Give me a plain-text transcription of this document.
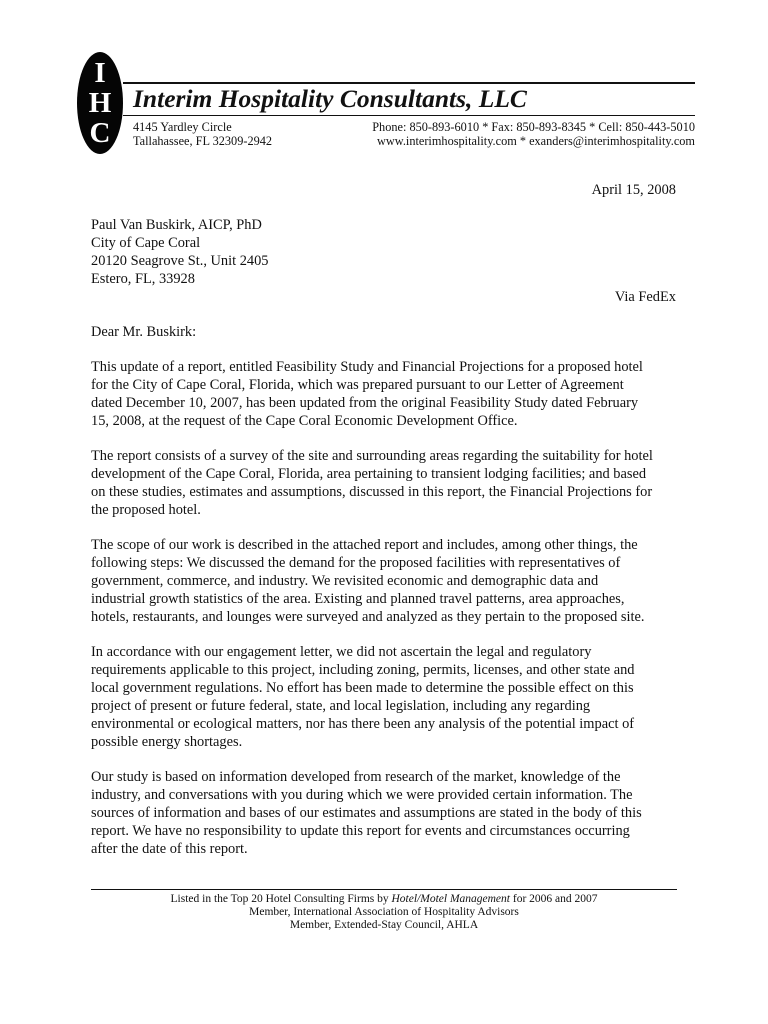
I
H
C
Interim Hospitality Consultants, LLC
4145 Yardley Circle
Tallahassee, FL 32309-2942
Phone: 850-893-6010 * Fax: 850-893-8345 * Cell: 850-443-5010
www.interimhospitality.com * exanders@interimhospitality.com
April 15, 2008
Paul Van Buskirk, AICP, PhD
City of Cape Coral
20120 Seagrove St., Unit 2405
Estero, FL, 33928
Via FedEx
Dear Mr. Buskirk:
This update of a report, entitled Feasibility Study and Financial Projections for a proposed hotel
for the City of Cape Coral, Florida, which was prepared pursuant to our Letter of Agreement
dated December 10, 2007, has been updated from the original Feasibility Study dated February
15, 2008, at the request of the Cape Coral Economic Development Office.
The report consists of a survey of the site and surrounding areas regarding the suitability for hotel
development of the Cape Coral, Florida, area pertaining to transient lodging facilities; and based
on these studies, estimates and assumptions, discussed in this report, the Financial Projections for
the proposed hotel.
The scope of our work is described in the attached report and includes, among other things, the
following steps: We discussed the demand for the proposed facilities with representatives of
government, commerce, and industry. We revisited economic and demographic data and
industrial growth statistics of the area. Existing and planned travel patterns, area approaches,
hotels, restaurants, and lounges were surveyed and analyzed as they pertain to the proposed site.
In accordance with our engagement letter, we did not ascertain the legal and regulatory
requirements applicable to this project, including zoning, permits, licenses, and other state and
local government regulations. No effort has been made to determine the possible effect on this
project of present or future federal, state, and local legislation, including any regarding
environmental or ecological matters, nor has there been any analysis of the potential impact of
possible energy shortages.
Our study is based on information developed from research of the market, knowledge of the
industry, and conversations with you during which we were provided certain information. The
sources of information and bases of our estimates and assumptions are stated in the body of this
report. We have no responsibility to update this report for events and circumstances occurring
after the date of this report.
Listed in the Top 20 Hotel Consulting Firms by Hotel/Motel Management for 2006 and 2007
Member, International Association of Hospitality Advisors
Member, Extended-Stay Council, AHLA
